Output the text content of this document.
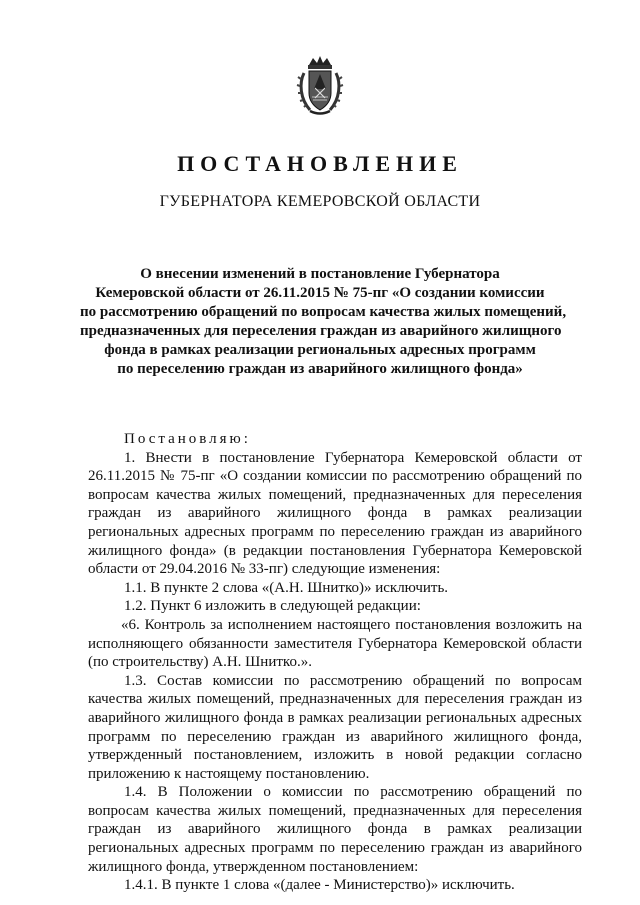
ПОСТАНОВЛЕНИЕ
ГУБЕРНАТОРА КЕМЕРОВСКОЙ ОБЛАСТИ
О внесении изменений в постановление Губернатора
Кемеровской области от 26.11.2015 № 75-пг «О создании комиссии
по рассмотрению обращений по вопросам качества жилых помещений,
предназначенных для переселения граждан из аварийного жилищного
фонда в рамках реализации региональных адресных программ
по переселению граждан из аварийного жилищного фонда»
Постановляю:
1. Внести в постановление Губернатора Кемеровской области от 26.11.2015 № 75-пг «О создании комиссии по рассмотрению обращений по вопросам качества жилых помещений, предназначенных для переселения граждан из аварийного жилищного фонда в рамках реализации региональных адресных программ по переселению граждан из аварийного жилищного фонда» (в редакции постановления Губернатора Кемеровской области от 29.04.2016 № 33-пг) следующие изменения:
1.1. В пункте 2 слова «(А.Н. Шнитко)» исключить.
1.2. Пункт 6 изложить в следующей редакции:
«6. Контроль за исполнением настоящего постановления возложить на исполняющего обязанности заместителя Губернатора Кемеровской области (по строительству) А.Н. Шнитко.».
1.3. Состав комиссии по рассмотрению обращений по вопросам качества жилых помещений, предназначенных для переселения граждан из аварийного жилищного фонда в рамках реализации региональных адресных программ по переселению граждан из аварийного жилищного фонда, утвержденный постановлением, изложить в новой редакции согласно приложению к настоящему постановлению.
1.4. В Положении о комиссии по рассмотрению обращений по вопросам качества жилых помещений, предназначенных для переселения граждан из аварийного жилищного фонда в рамках реализации региональных адресных программ по переселению граждан из аварийного жилищного фонда, утвержденном постановлением:
1.4.1. В пункте 1 слова «(далее - Министерство)» исключить.
